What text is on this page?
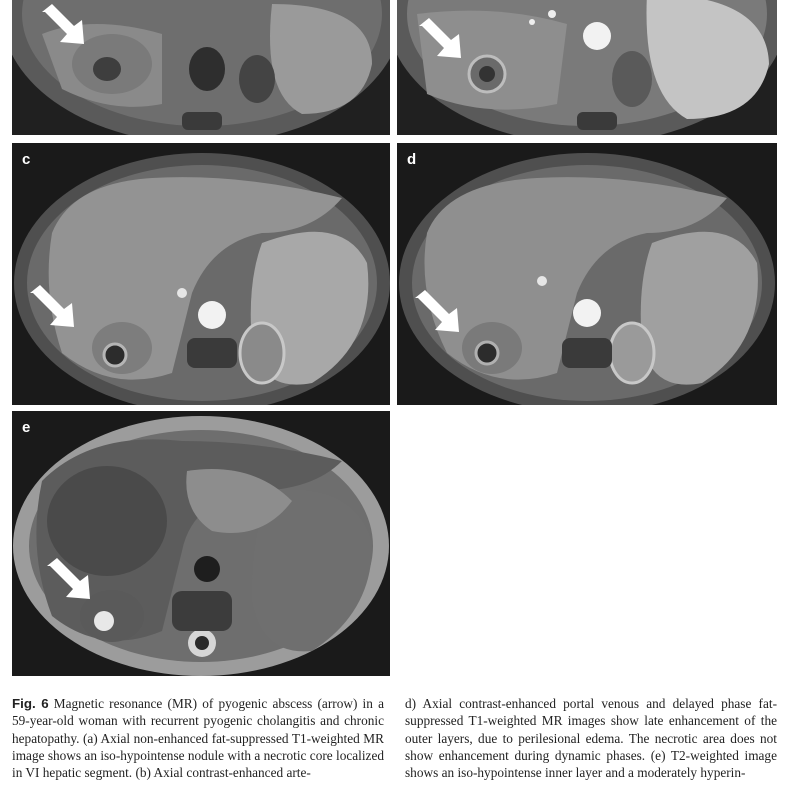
c	d
e
Fig. 6 Magnetic resonance (MR) of pyogenic abscess (arrow) in a 59-year-old woman with recurrent pyogenic cholangitis and chronic hepatopathy. (a) Axial non-enhanced fat-suppressed T1-weighted MR image shows an iso-hypointense nodule with a necrotic core localized in VI hepatic segment. (b) Axial contrast-enhanced arte-
d) Axial contrast-enhanced portal venous and delayed phase fat-suppressed T1-weighted MR images show late enhancement of the outer layers, due to perilesional edema. The necrotic area does not show enhancement during dynamic phases. (e) T2-weighted image shows an iso-hypointense inner layer and a moderately hyperin-
